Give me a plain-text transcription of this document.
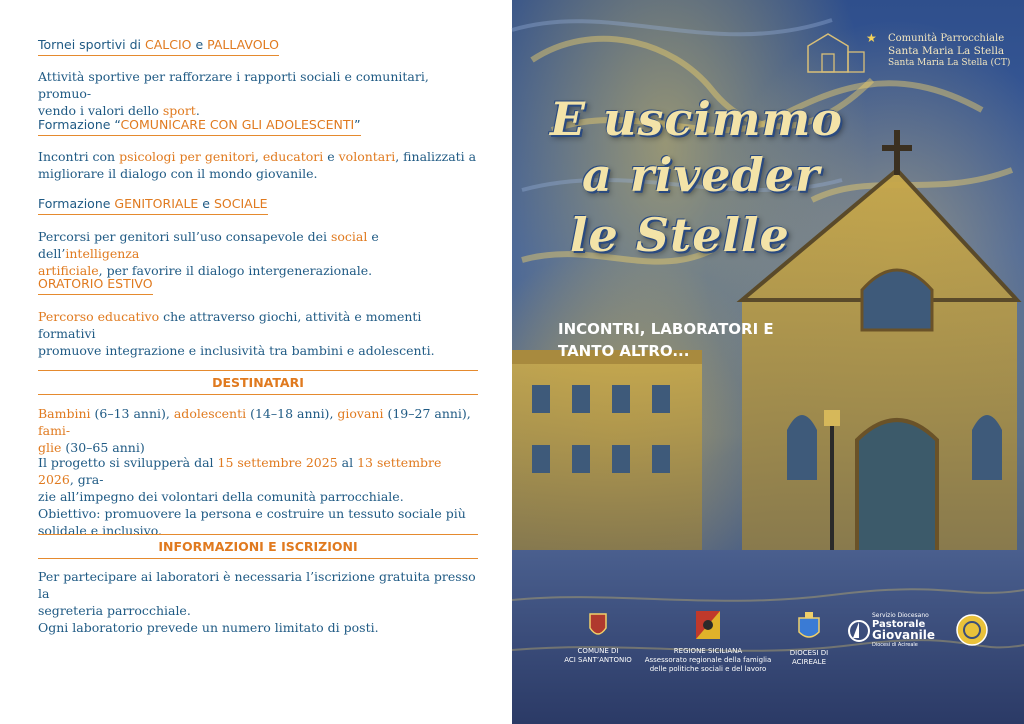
Tornei sportivi di CALCIO e PALLAVOLO
Attività sportive per rafforzare i rapporti sociali e comunitari, promuo-
vendo i valori dello sport.
Formazione “COMUNICARE CON GLI ADOLESCENTI”
Incontri con psicologi per genitori, educatori e volontari, finalizzati a
migliorare il dialogo con il mondo giovanile.
Formazione GENITORIALE e SOCIALE
Percorsi per genitori sull’uso consapevole dei social e dell’intelligenza
artificiale, per favorire il dialogo intergenerazionale.
ORATORIO ESTIVO
Percorso educativo che attraverso giochi, attività e momenti formativi
promuove integrazione e inclusività tra bambini e adolescenti.
DESTINATARI
Bambini (6–13 anni), adolescenti (14–18 anni), giovani (19–27 anni), fami-
glie (30–65 anni)
Il progetto si svilupperà dal 15 settembre 2025 al 13 settembre 2026, gra-
zie all’impegno dei volontari della comunità parrocchiale.
Obiettivo: promuovere la persona e costruire un tessuto sociale più
solidale e inclusivo.
INFORMAZIONI E ISCRIZIONI
Per partecipare ai laboratori è necessaria l’iscrizione gratuita presso la
segreteria parrocchiale.
Ogni laboratorio prevede un numero limitato di posti.
★ Comunità Parrocchiale
Santa Maria La Stella
Santa Maria La Stella (CT)
E uscimmo
a riveder
le Stelle
INCONTRI, LABORATORI E
TANTO ALTRO...
COMUNE DI
ACI SANT’ANTONIO
REGIONE SICILIANA
Assessorato regionale della famiglia
delle politiche sociali e del lavoro
DIOCESI DI
ACIREALE
Servizio Diocesano
Pastorale
Giovanile
Diocesi di Acireale
